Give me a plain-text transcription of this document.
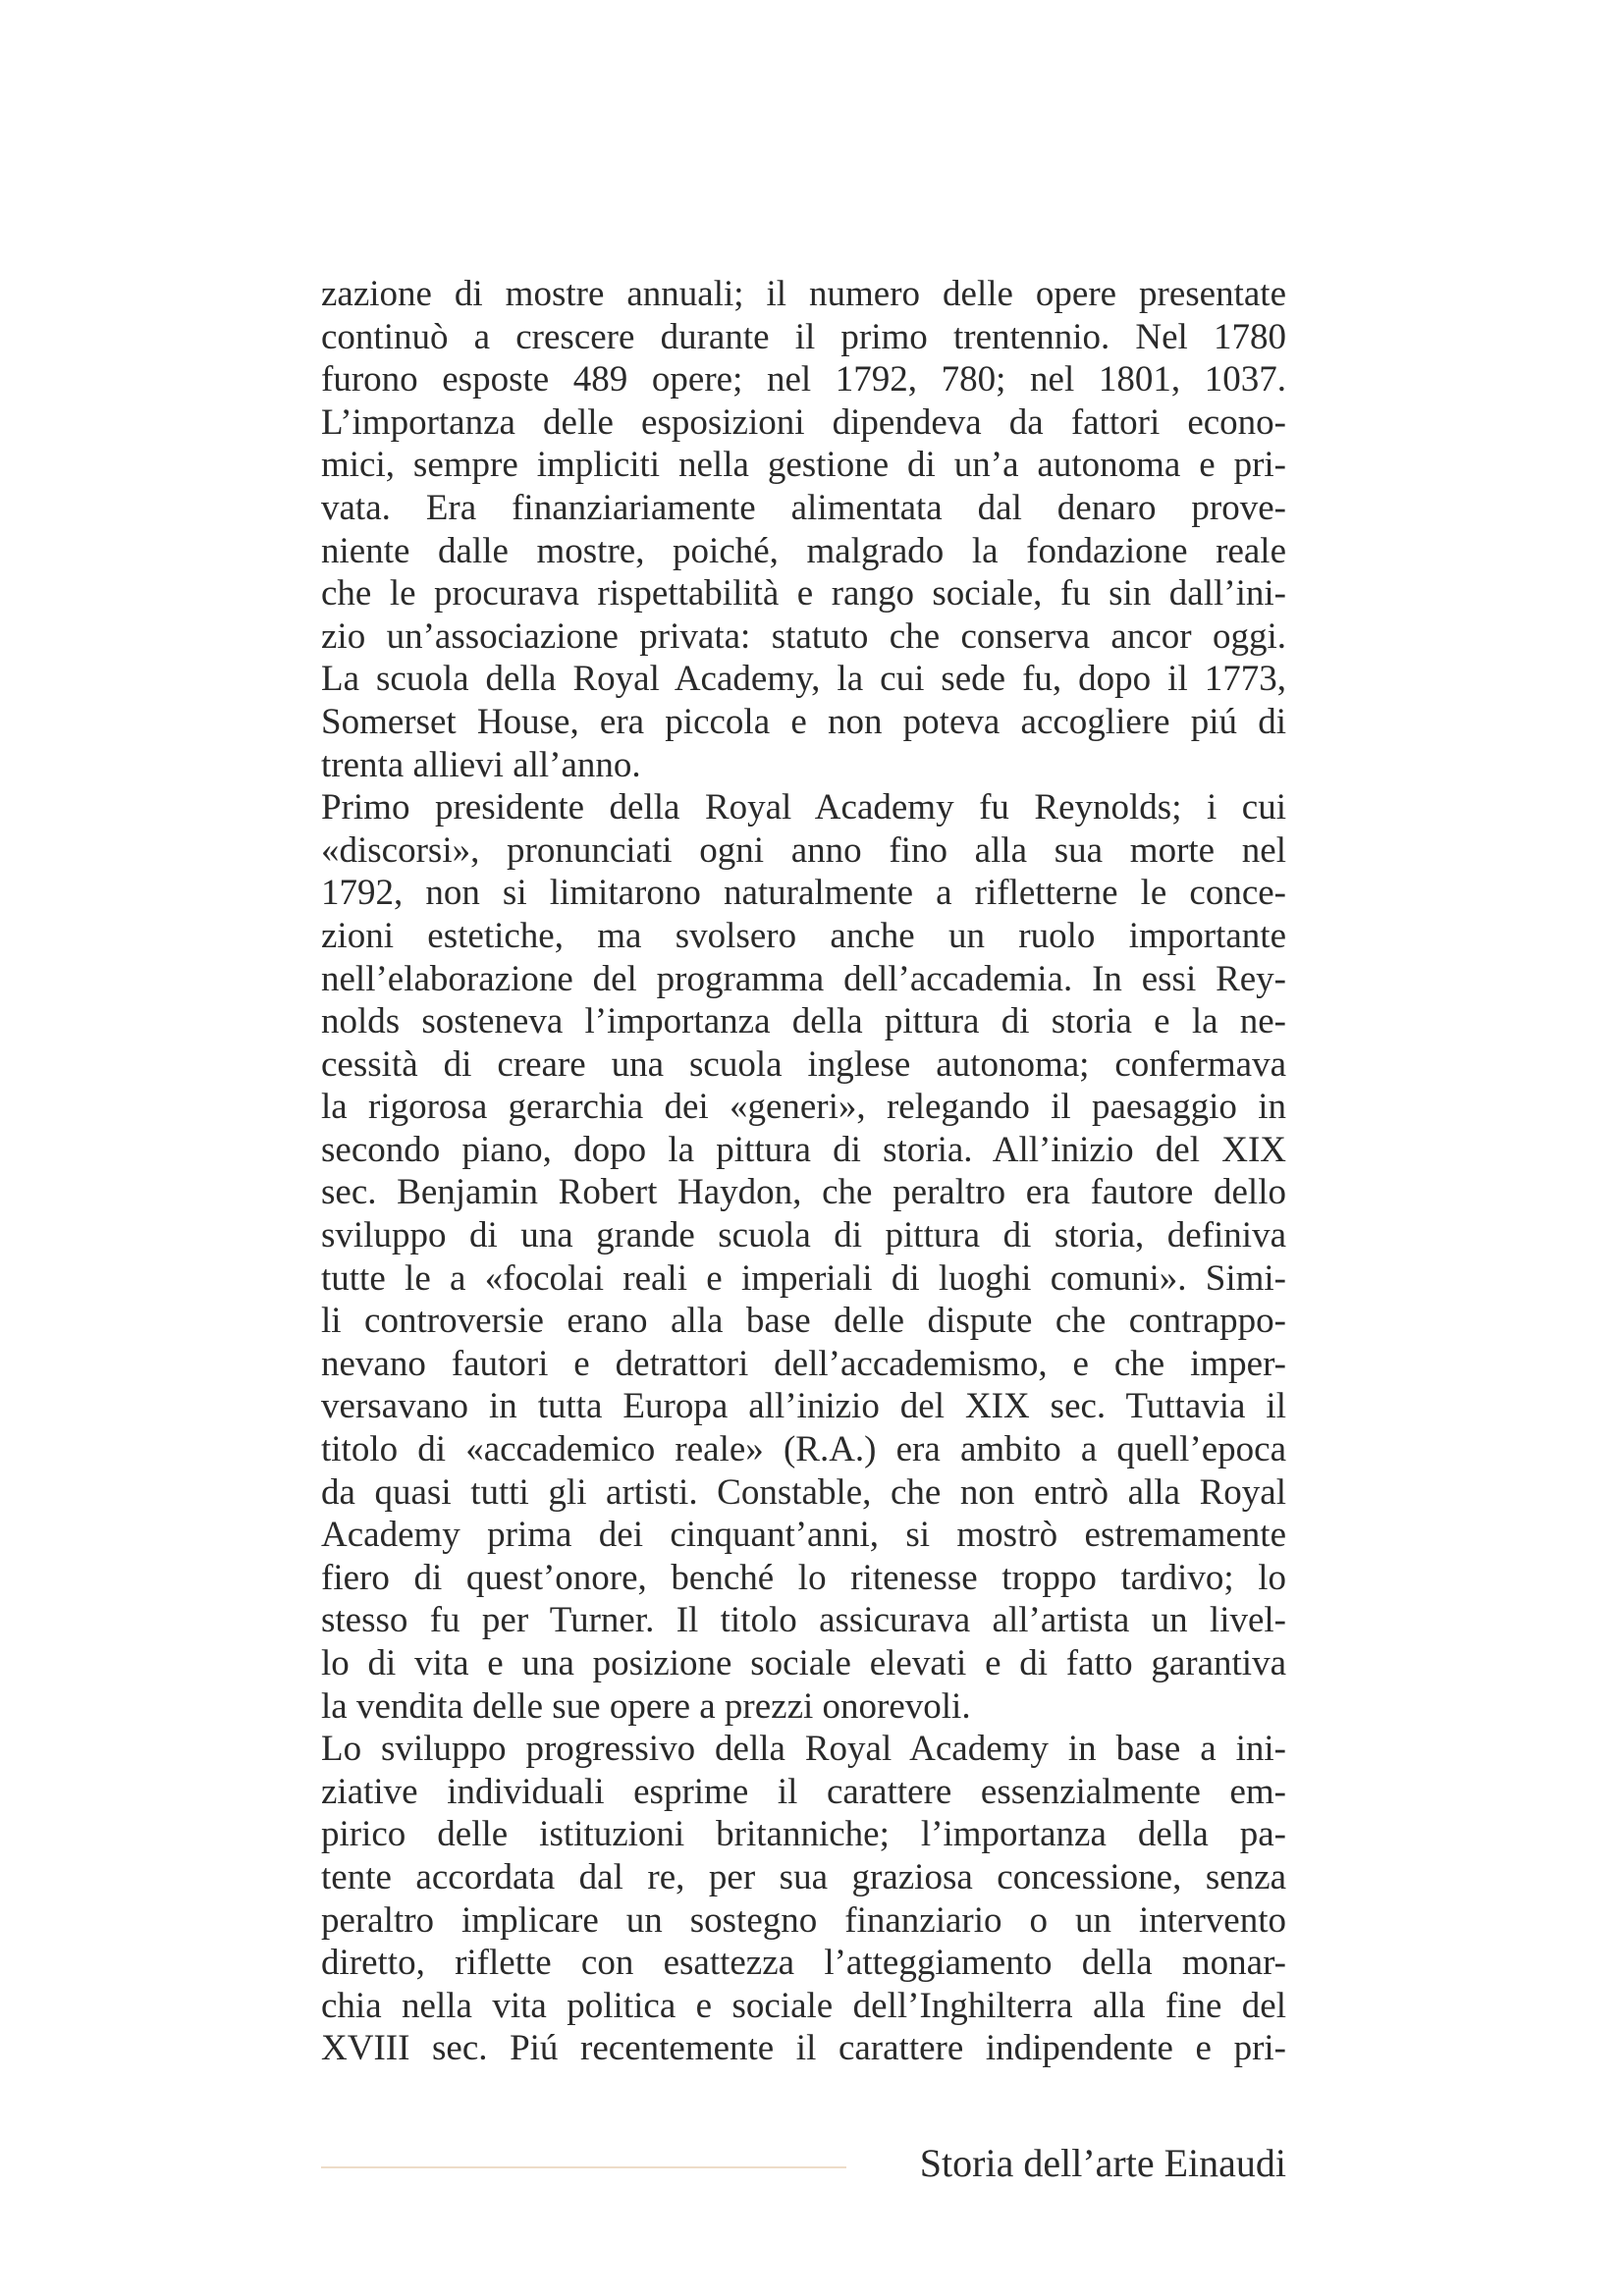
zazione di mostre annuali; il numero delle opere presentate
continuò a crescere durante il primo trentennio. Nel 1780
furono esposte 489 opere; nel 1792, 780; nel 1801, 1037.
L’importanza delle esposizioni dipendeva da fattori econo-
mici, sempre impliciti nella gestione di un’a autonoma e pri-
vata. Era finanziariamente alimentata dal denaro prove-
niente dalle mostre, poiché, malgrado la fondazione reale
che le procurava rispettabilità e rango sociale, fu sin dall’ini-
zio un’associazione privata: statuto che conserva ancor oggi.
La scuola della Royal Academy, la cui sede fu, dopo il 1773,
Somerset House, era piccola e non poteva accogliere piú di
trenta allievi all’anno.
Primo presidente della Royal Academy fu Reynolds; i cui
«discorsi», pronunciati ogni anno fino alla sua morte nel
1792, non si limitarono naturalmente a rifletterne le conce-
zioni estetiche, ma svolsero anche un ruolo importante
nell’elaborazione del programma dell’accademia. In essi Rey-
nolds sosteneva l’importanza della pittura di storia e la ne-
cessità di creare una scuola inglese autonoma; confermava
la rigorosa gerarchia dei «generi», relegando il paesaggio in
secondo piano, dopo la pittura di storia. All’inizio del XIX
sec. Benjamin Robert Haydon, che peraltro era fautore dello
sviluppo di una grande scuola di pittura di storia, definiva
tutte le a «focolai reali e imperiali di luoghi comuni». Simi-
li controversie erano alla base delle dispute che contrappo-
nevano fautori e detrattori dell’accademismo, e che imper-
versavano in tutta Europa all’inizio del XIX sec. Tuttavia il
titolo di «accademico reale» (R.A.) era ambito a quell’epoca
da quasi tutti gli artisti. Constable, che non entrò alla Royal
Academy prima dei cinquant’anni, si mostrò estremamente
fiero di quest’onore, benché lo ritenesse troppo tardivo; lo
stesso fu per Turner. Il titolo assicurava all’artista un livel-
lo di vita e una posizione sociale elevati e di fatto garantiva
la vendita delle sue opere a prezzi onorevoli.
Lo sviluppo progressivo della Royal Academy in base a ini-
ziative individuali esprime il carattere essenzialmente em-
pirico delle istituzioni britanniche; l’importanza della pa-
tente accordata dal re, per sua graziosa concessione, senza
peraltro implicare un sostegno finanziario o un intervento
diretto, riflette con esattezza l’atteggiamento della monar-
chia nella vita politica e sociale dell’Inghilterra alla fine del
XVIII sec. Piú recentemente il carattere indipendente e pri-
Storia dell’arte Einaudi
